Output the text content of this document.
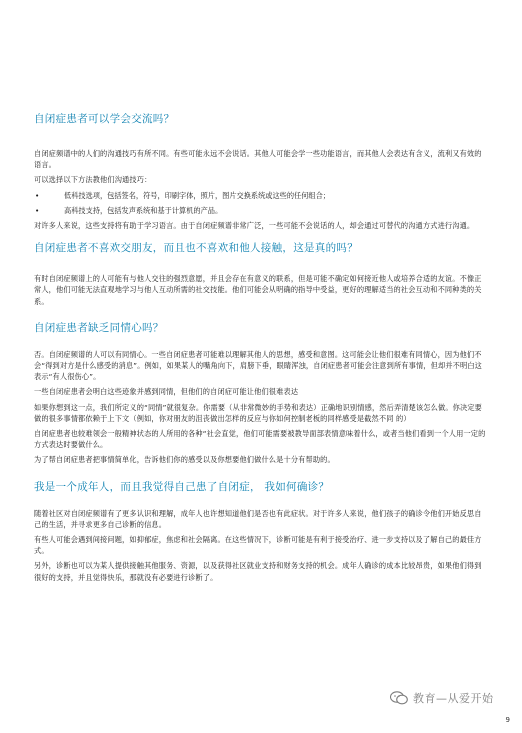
自闭症患者可以学会交流吗？

自闭症频谱中的人们的沟通技巧有所不同。有些可能永远不会说话。其他人可能会学一些功能语言，而其他人会表达有含义，流利又有效的语言。

可以选择以下方法教他们沟通技巧：

•	低科技选项，包括签名，符号，印刷字体，照片，图片交换系统或这些的任何组合；
•	高科技支持，包括发声系统和基于计算机的产品。

对许多人来说，这些支持将有助于学习语言。由于自闭症频谱非常广泛，一些可能不会说话的人，却会通过可替代的沟通方式进行沟通。

自闭症患者不喜欢交朋友，而且也不喜欢和他人接触，这是真的吗？

有时自闭症频谱上的人可能有与他人交往的强烈意愿，并且会存在有意义的联系，但是可能不确定如何接近他人或培养合适的友谊。不像正常人，他们可能无法直观地学习与他人互动所需的社交技能。他们可能会从明确的指导中受益，更好的理解适当的社会互动和不同种类的关系。

自闭症患者缺乏同情心吗？

否。自闭症频谱的人可以有同情心。一些自闭症患者可能难以理解其他人的思想，感受和意图。这可能会让他们很难有同情心，因为他们不会“得到对方是什么感受的消息”。例如，如果某人的嘴角向下，肩膀下垂，眼睛浑浊，自闭症患者可能会注意到所有事情，但却并不明白这表示“有人很伤心”。

一些自闭症患者会明白这些迹象并感到同情，但他们的自闭症可能让他们很难表达

如果你想到这一点，我们所定义的“同情”就很复杂。你需要（从非常微妙的手势和表达）正确地识别情感，然后弄清楚该怎么做。你决定要做的很多事情都依赖于上下文（例如，你对朋友的沮丧做出怎样的反应与你如何控制老板的同样感受是截然不同 的）

自闭症患者也较难领会一般精神状态的人所用的各种“社会直觉，他们可能需要被教导面部表情意味着什么，或者当他们看到一个人用一定的方式表达时要做什么。

为了帮自闭症患者把事情简单化，告诉他们你的感受以及你想要他们做什么是十分有帮助的。

我是一个成年人，而且我觉得自己患了自闭症， 我如何确诊？

随着社区对自闭症频谱有了更多认识和理解，成年人也许想知道他们是否也有此症状。对于许多人来说，他们孩子的确诊令他们开始反思自己的生活，并寻求更多自己诊断的信息。

有些人可能会遇到间接问题，如抑郁症，焦虑和社会隔离。在这些情况下，诊断可能是有利于接受治疗、进一步支持以及了解自己的最佳方式。

另外，诊断也可以为某人提供接触其他服务、资源，以及获得社区就业支持和财务支持的机会。成年人确诊的成本比较昂贵，如果他们得到很好的支持，并且觉得快乐，那就没有必要进行诊断了。

教育—从爱开始
9
